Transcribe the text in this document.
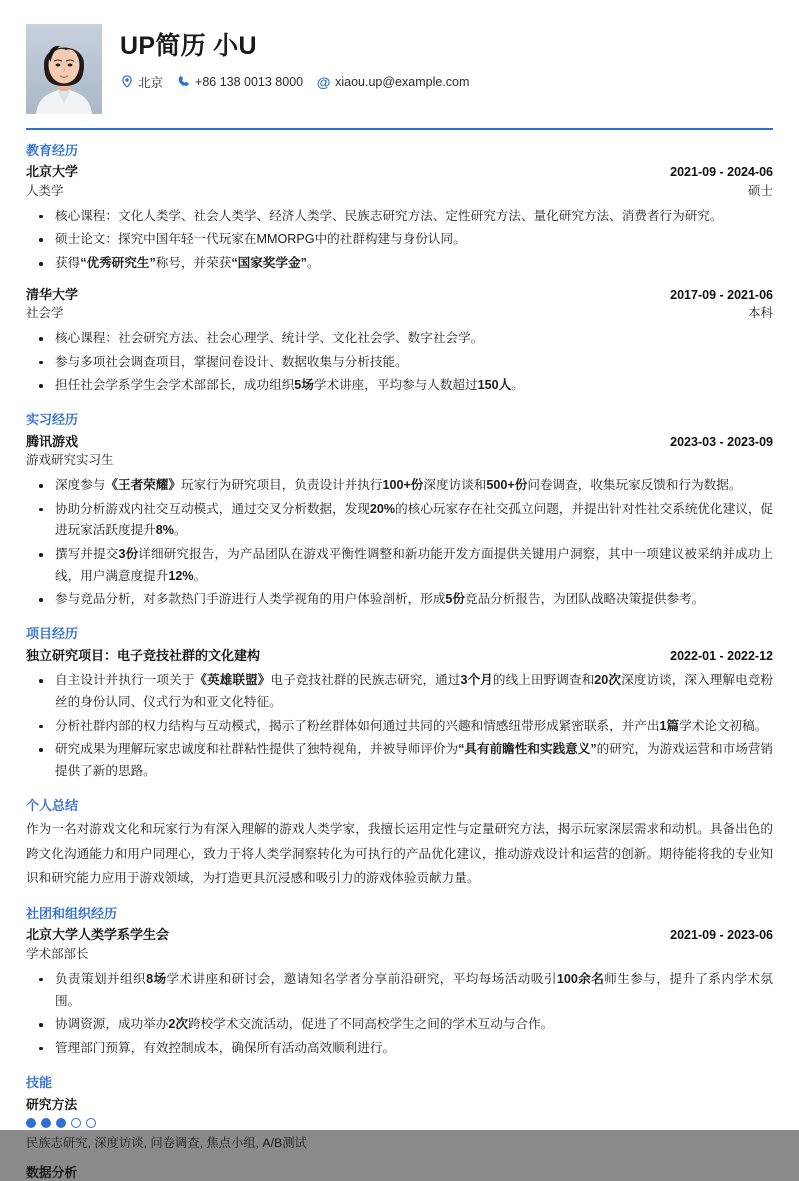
UP简历 小U
北京	+86 138 0013 8000 @ xiaou.up@example.com
教育经历
北京大学	2021-09 - 2024-06
人类学	硕士
核心课程：文化人类学、社会人类学、经济人类学、民族志研究方法、定性研究方法、量化研究方法、消费者行为研究。
硕士论文：探究中国年轻一代玩家在MMORPG中的社群构建与身份认同。
获得“优秀研究生”称号，并荣获“国家奖学金”。
清华大学	2017-09 - 2021-06
社会学	本科
核心课程：社会研究方法、社会心理学、统计学、文化社会学、数字社会学。
参与多项社会调查项目，掌握问卷设计、数据收集与分析技能。
担任社会学系学生会学术部部长，成功组织5场学术讲座，平均参与人数超过150人。
实习经历
腾讯游戏	2023-03 - 2023-09
游戏研究实习生
深度参与《王者荣耀》玩家行为研究项目，负责设计并执行100+份深度访谈和500+份问卷调查，收集玩家反馈和行为数据。
协助分析游戏内社交互动模式，通过交叉分析数据，发现20%的核心玩家存在社交孤立问题，并提出针对性社交系统优化建议，促进玩家活跃度提升8%。
撰写并提交3份详细研究报告，为产品团队在游戏平衡性调整和新功能开发方面提供关键用户洞察，其中一项建议被采纳并成功上线，用户满意度提升12%。
参与竞品分析，对多款热门手游进行人类学视角的用户体验剖析，形成5份竞品分析报告，为团队战略决策提供参考。
项目经历
独立研究项目：电子竞技社群的文化建构	2022-01 - 2022-12
自主设计并执行一项关于《英雄联盟》电子竞技社群的民族志研究，通过3个月的线上田野调查和20次深度访谈，深入理解电竞粉丝的身份认同、仪式行为和亚文化特征。
分析社群内部的权力结构与互动模式，揭示了粉丝群体如何通过共同的兴趣和情感纽带形成紧密联系，并产出1篇学术论文初稿。
研究成果为理解玩家忠诚度和社群粘性提供了独特视角，并被导师评价为“具有前瞻性和实践意义”的研究，为游戏运营和市场营销提供了新的思路。
个人总结
作为一名对游戏文化和玩家行为有深入理解的游戏人类学家，我擅长运用定性与定量研究方法，揭示玩家深层需求和动机。具备出色的跨文化沟通能力和用户同理心，致力于将人类学洞察转化为可执行的产品优化建议，推动游戏设计和运营的创新。期待能将我的专业知识和研究能力应用于游戏领域，为打造更具沉浸感和吸引力的游戏体验贡献力量。
社团和组织经历
北京大学人类学系学生会	2021-09 - 2023-06
学术部部长
负责策划并组织8场学术讲座和研讨会，邀请知名学者分享前沿研究，平均每场活动吸引100余名师生参与，提升了系内学术氛围。
协调资源，成功举办2次跨校学术交流活动，促进了不同高校学生之间的学术互动与合作。
管理部门预算，有效控制成本，确保所有活动高效顺利进行。
技能
研究方法
民族志研究, 深度访谈, 问卷调查, 焦点小组, A/B测试
数据分析
